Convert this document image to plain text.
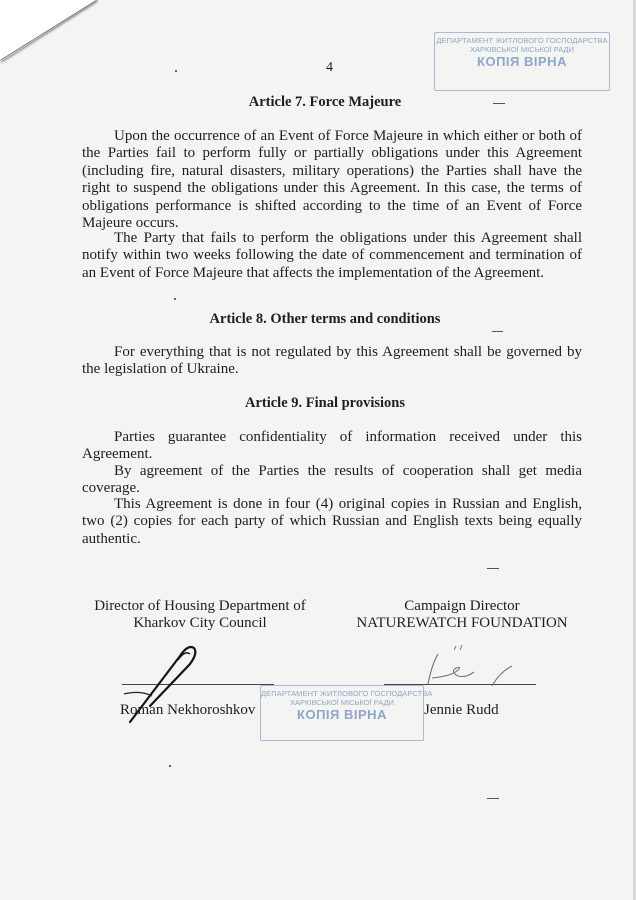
ДЕПАРТАМЕНТ ЖИТЛОВОГО ГОСПОДАРСТВА
ХАРКІВСЬКОЇ МІСЬКОЇ РАДИ
КОПІЯ ВІРНА
4
Article 7. Force Majeure
Upon the occurrence of an Event of Force Majeure in which either or both of the Parties fail to perform fully or partially obligations under this Agreement (including fire, natural disasters, military operations) the Parties shall have the right to suspend the obligations under this Agreement. In this case, the terms of obligations performance is shifted according to the time of an Event of Force Majeure occurs.
The Party that fails to perform the obligations under this Agreement shall notify within two weeks following the date of commencement and termination of an Event of Force Majeure that affects the implementation of the Agreement.
Article 8. Other terms and conditions
For everything that is not regulated by this Agreement shall be governed by the legislation of Ukraine.
Article 9. Final provisions
Parties guarantee confidentiality of information received under this Agreement.
By agreement of the Parties the results of cooperation shall get media coverage.
This Agreement is done in four (4) original copies in Russian and English, two (2) copies for each party of which Russian and English texts being equally authentic.
Director of Housing Department of
Kharkov City Council
Campaign Director
NATUREWATCH FOUNDATION
Roman Nekhoroshkov	Jennie Rudd
ДЕПАРТАМЕНТ ЖИТЛОВОГО ГОСПОДАРСТВА
ХАРКІВСЬКОЇ МІСЬКОЇ РАДИ
КОПІЯ ВІРНА
